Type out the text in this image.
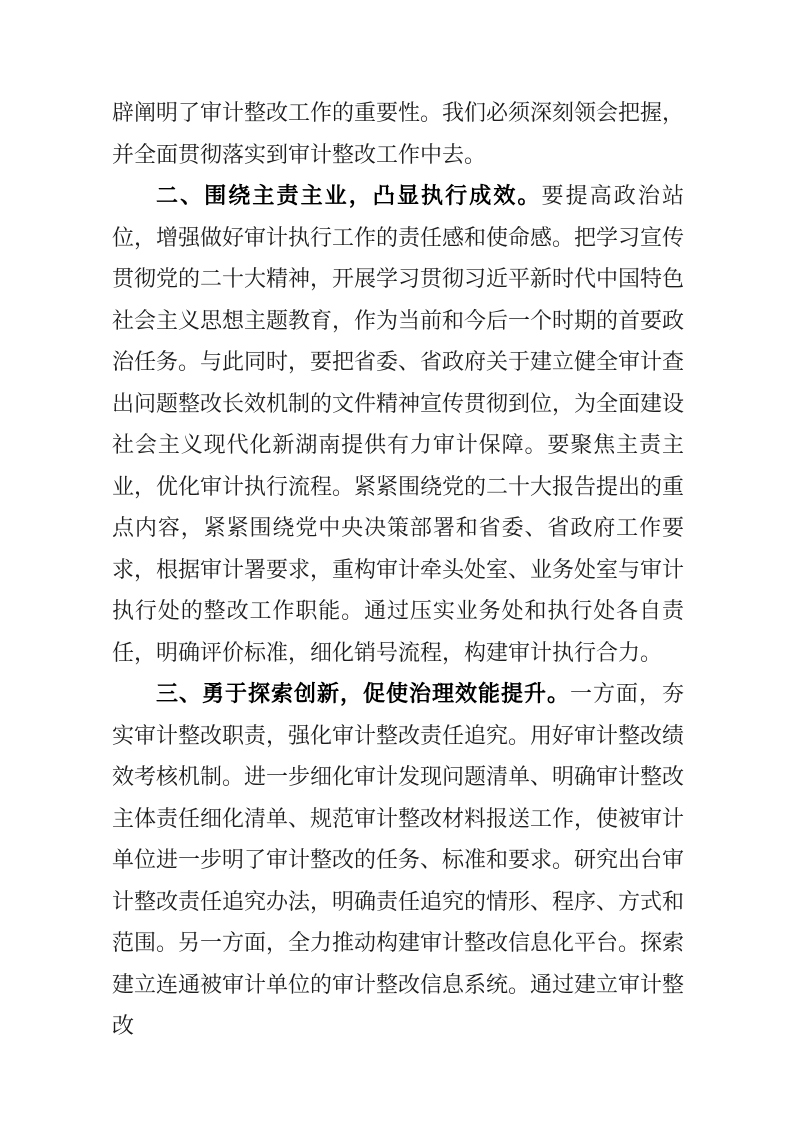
辟阐明了审计整改工作的重要性。我们必须深刻领会把握，并全面贯彻落实到审计整改工作中去。

二、围绕主责主业，凸显执行成效。要提高政治站位，增强做好审计执行工作的责任感和使命感。把学习宣传贯彻党的二十大精神，开展学习贯彻习近平新时代中国特色社会主义思想主题教育，作为当前和今后一个时期的首要政治任务。与此同时，要把省委、省政府关于建立健全审计查出问题整改长效机制的文件精神宣传贯彻到位，为全面建设社会主义现代化新湖南提供有力审计保障。要聚焦主责主业，优化审计执行流程。紧紧围绕党的二十大报告提出的重点内容，紧紧围绕党中央决策部署和省委、省政府工作要求，根据审计署要求，重构审计牵头处室、业务处室与审计执行处的整改工作职能。通过压实业务处和执行处各自责任，明确评价标准，细化销号流程，构建审计执行合力。

三、勇于探索创新，促使治理效能提升。一方面，夯实审计整改职责，强化审计整改责任追究。用好审计整改绩效考核机制。进一步细化审计发现问题清单、明确审计整改主体责任细化清单、规范审计整改材料报送工作，使被审计单位进一步明了审计整改的任务、标准和要求。研究出台审计整改责任追究办法，明确责任追究的情形、程序、方式和范围。另一方面，全力推动构建审计整改信息化平台。探索建立连通被审计单位的审计整改信息系统。通过建立审计整改
